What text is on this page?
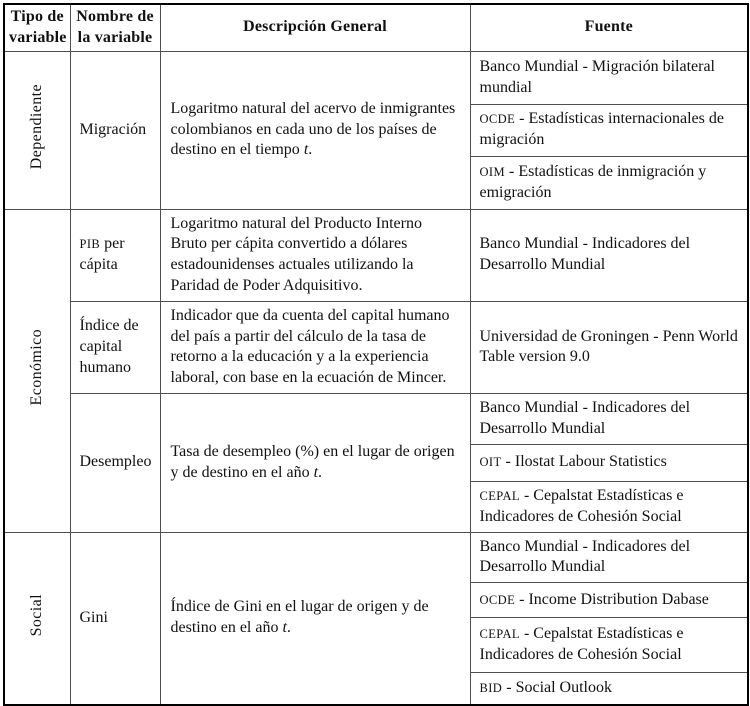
Tipo de variable	Nombre de la variable	Descripción General	Fuente
Dependiente	Migración	Logaritmo natural del acervo de inmigrantes colombianos en cada uno de los países de destino en el tiempo t.	Banco Mundial - Migración bilateral mundial
			OCDE - Estadísticas internacionales de migración
			OIM - Estadísticas de inmigración y emigración
Económico	PIB per cápita	Logaritmo natural del Producto Interno Bruto per cápita convertido a dólares estadounidenses actuales utilizando la Paridad de Poder Adquisitivo.	Banco Mundial - Indicadores del Desarrollo Mundial
	Índice de capital humano	Indicador que da cuenta del capital humano del país a partir del cálculo de la tasa de retorno a la educación y a la experiencia laboral, con base en la ecuación de Mincer.	Universidad de Groningen - Penn World Table version 9.0
	Desempleo	Tasa de desempleo (%) en el lugar de origen y de destino en el año t.	Banco Mundial - Indicadores del Desarrollo Mundial
			OIT - Ilostat Labour Statistics
			CEPAL - Cepalstat Estadísticas e Indicadores de Cohesión Social
Social	Gini	Índice de Gini en el lugar de origen y de destino en el año t.	Banco Mundial - Indicadores del Desarrollo Mundial
			OCDE - Income Distribution Dabase
			CEPAL - Cepalstat Estadísticas e Indicadores de Cohesión Social
			BID - Social Outlook
